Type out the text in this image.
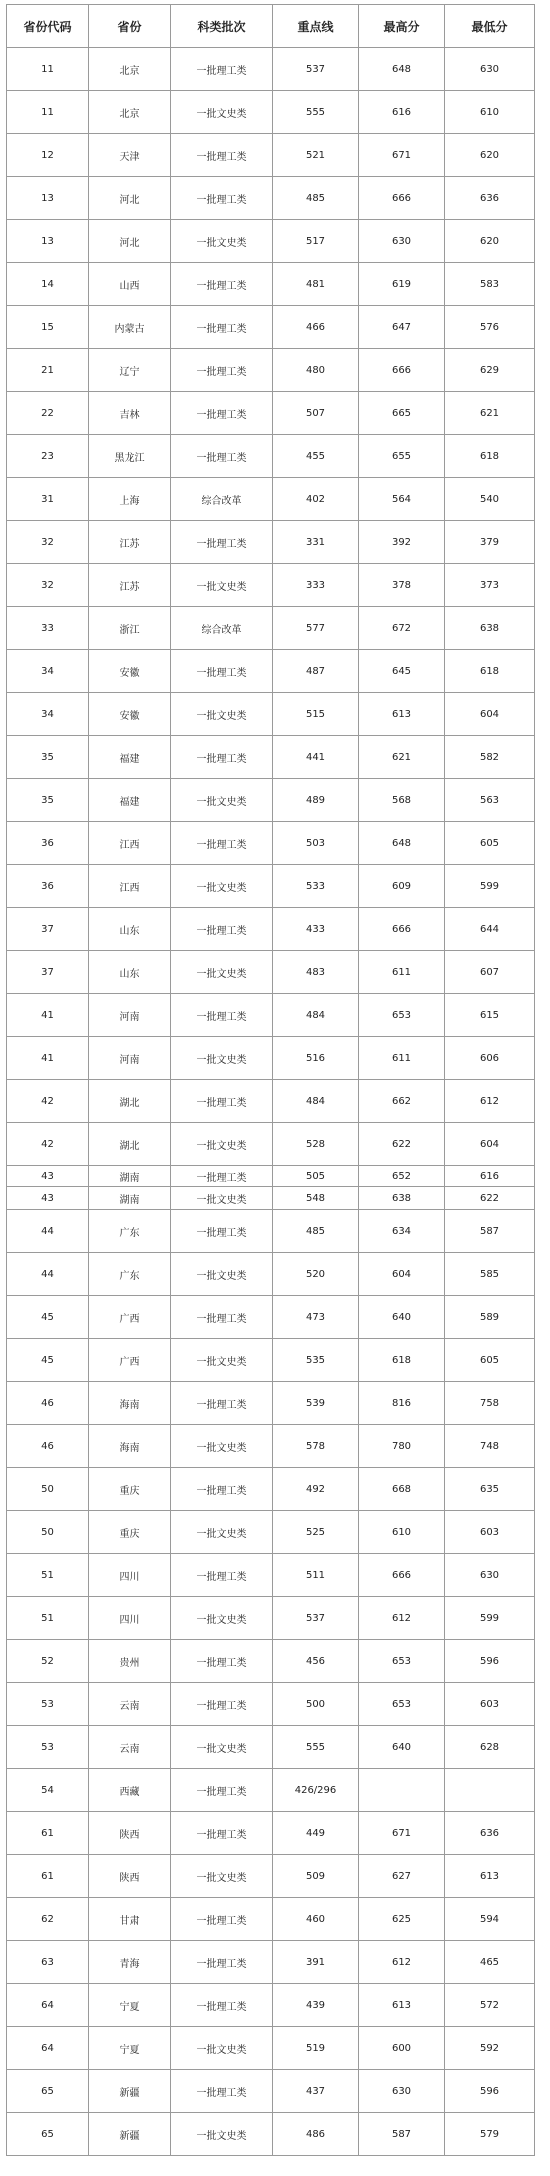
省份代码	省份	科类批次	重点线	最高分	最低分
11	北京	一批理工类	537	648	630
11	北京	一批文史类	555	616	610
12	天津	一批理工类	521	671	620
13	河北	一批理工类	485	666	636
13	河北	一批文史类	517	630	620
14	山西	一批理工类	481	619	583
15	内蒙古	一批理工类	466	647	576
21	辽宁	一批理工类	480	666	629
22	吉林	一批理工类	507	665	621
23	黑龙江	一批理工类	455	655	618
31	上海	综合改革	402	564	540
32	江苏	一批理工类	331	392	379
32	江苏	一批文史类	333	378	373
33	浙江	综合改革	577	672	638
34	安徽	一批理工类	487	645	618
34	安徽	一批文史类	515	613	604
35	福建	一批理工类	441	621	582
35	福建	一批文史类	489	568	563
36	江西	一批理工类	503	648	605
36	江西	一批文史类	533	609	599
37	山东	一批理工类	433	666	644
37	山东	一批文史类	483	611	607
41	河南	一批理工类	484	653	615
41	河南	一批文史类	516	611	606
42	湖北	一批理工类	484	662	612
42	湖北	一批文史类	528	622	604
43	湖南	一批理工类	505	652	616
43	湖南	一批文史类	548	638	622
44	广东	一批理工类	485	634	587
44	广东	一批文史类	520	604	585
45	广西	一批理工类	473	640	589
45	广西	一批文史类	535	618	605
46	海南	一批理工类	539	816	758
46	海南	一批文史类	578	780	748
50	重庆	一批理工类	492	668	635
50	重庆	一批文史类	525	610	603
51	四川	一批理工类	511	666	630
51	四川	一批文史类	537	612	599
52	贵州	一批理工类	456	653	596
53	云南	一批理工类	500	653	603
53	云南	一批文史类	555	640	628
54	西藏	一批理工类	426/296		
61	陕西	一批理工类	449	671	636
61	陕西	一批文史类	509	627	613
62	甘肃	一批理工类	460	625	594
63	青海	一批理工类	391	612	465
64	宁夏	一批理工类	439	613	572
64	宁夏	一批文史类	519	600	592
65	新疆	一批理工类	437	630	596
65	新疆	一批文史类	486	587	579
